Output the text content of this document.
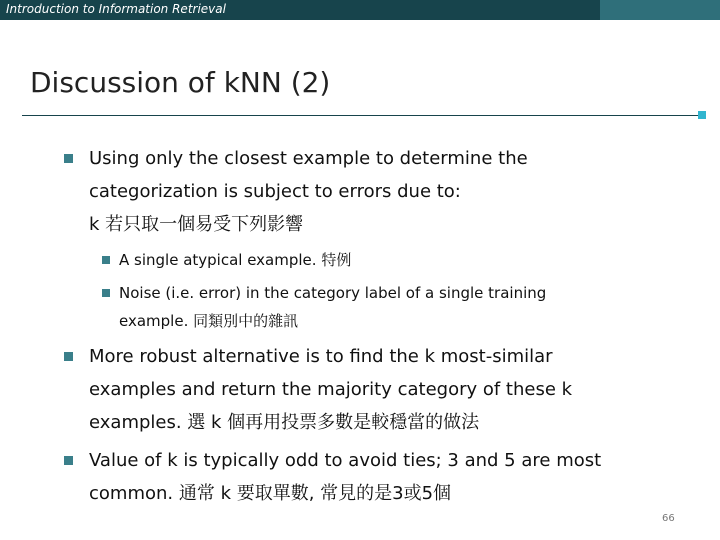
Introduction to Information Retrieval
Discussion of kNN (2)
Using only the closest example to determine the
categorization is subject to errors due to:
k 若只取一個易受下列影響
A single atypical example. 特例
Noise (i.e. error) in the category label of a single training
example. 同類別中的雜訊
More robust alternative is to find the k most-similar
examples and return the majority category of these k
examples. 選 k 個再用投票多數是較穩當的做法
Value of k is typically odd to avoid ties; 3 and 5 are most
common. 通常 k 要取單數, 常見的是3或5個
66
